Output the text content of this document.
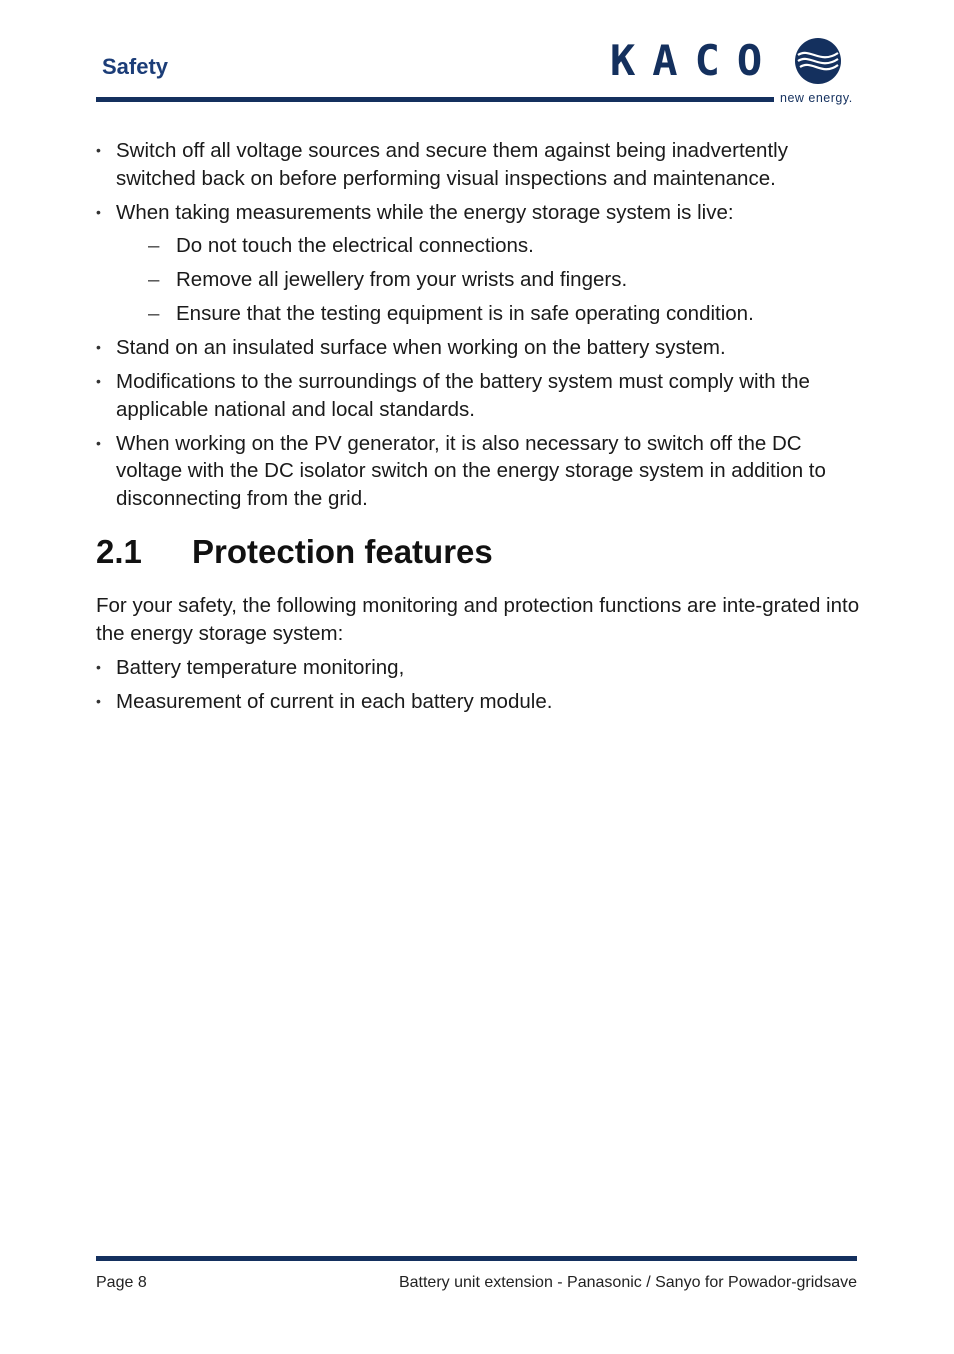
Safety	KACO
new energy.
• Switch off all voltage sources and secure them against being inadvertently switched back on before performing visual inspections and maintenance.
• When taking measurements while the energy storage system is live:
– Do not touch the electrical connections.
– Remove all jewellery from your wrists and fingers.
– Ensure that the testing equipment is in safe operating condition.
• Stand on an insulated surface when working on the battery system.
• Modifications to the surroundings of the battery system must comply with the applicable national and local standards.
• When working on the PV generator, it is also necessary to switch off the DC voltage with the DC isolator switch on the energy storage system in addition to disconnecting from the grid.
2.1	Protection features

For your safety, the following monitoring and protection functions are inte-grated into the energy storage system:

• Battery temperature monitoring,
• Measurement of current in each battery module.
Page 8	Battery unit extension - Panasonic / Sanyo for Powador-gridsave
